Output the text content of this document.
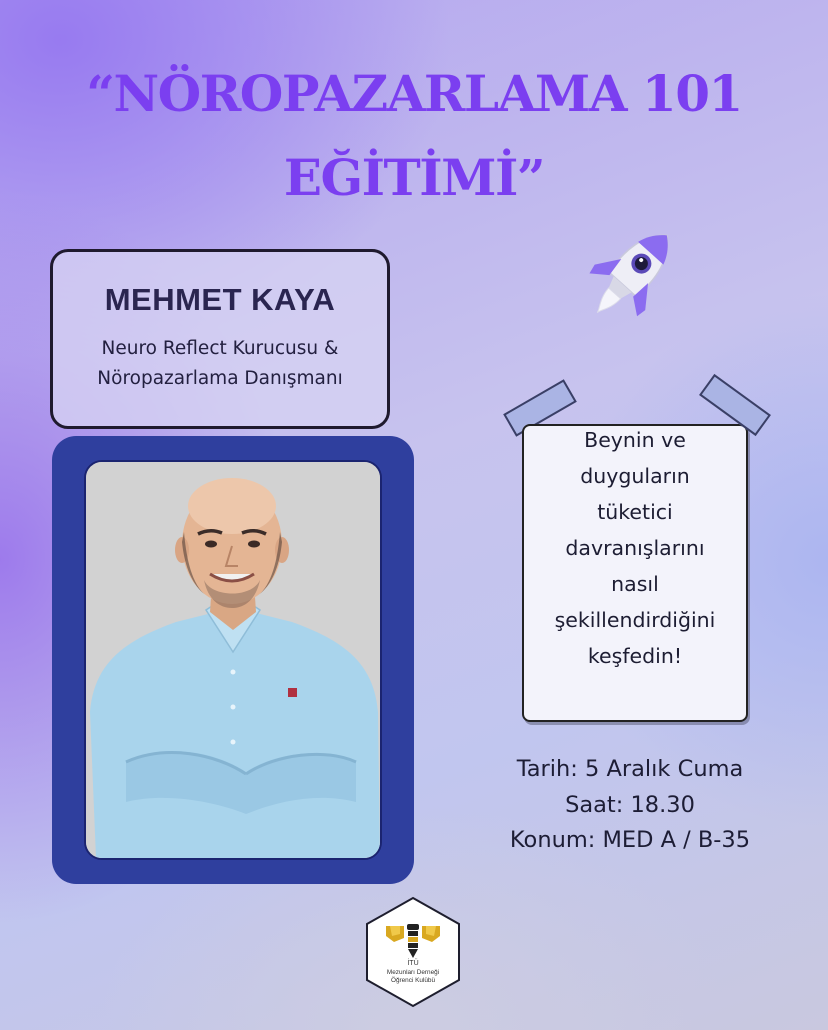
“NÖROPAZARLAMA 101
EĞİTİMİ”
MEHMET KAYA
Neuro Reflect Kurucusu &
Nöropazarlama Danışmanı
Beynin ve
duyguların
tüketici
davranışlarını
nasıl
şekillendirdiğini
keşfedin!
Tarih: 5 Aralık Cuma
Saat: 18.30
Konum: MED A / B-35
İTÜ
Mezunları Derneği
Öğrenci Kulübü
